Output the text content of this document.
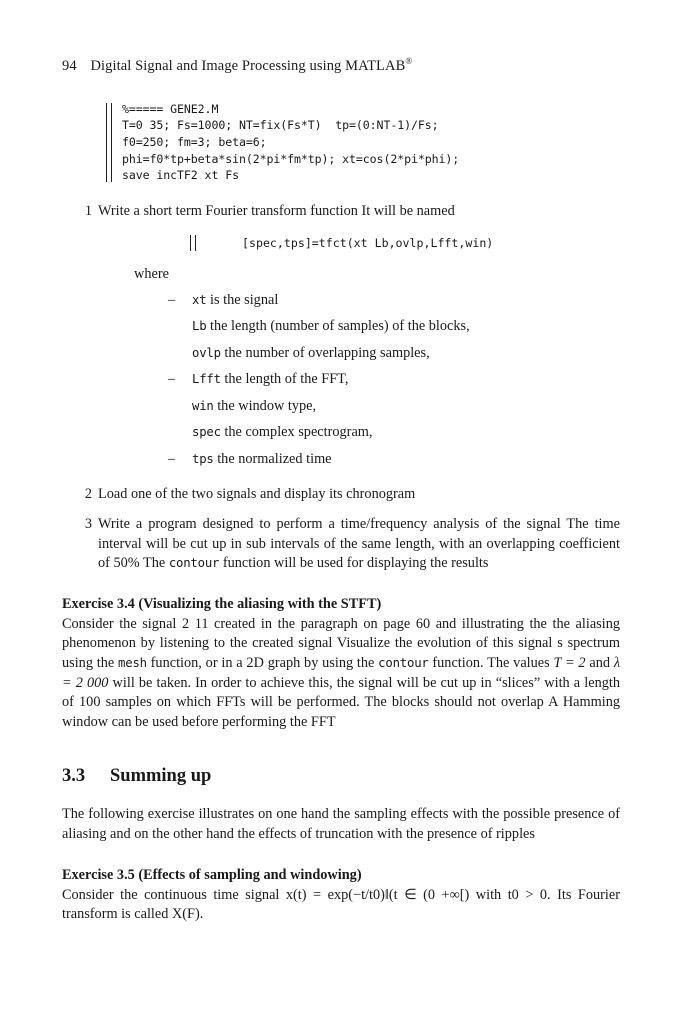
94 Digital Signal and Image Processing using MATLAB®
%===== GENE2.M
T=0 35; Fs=1000; NT=fix(Fs*T)  tp=(0:NT-1)/Fs;
f0=250; fm=3; beta=6;
phi=f0*tp+beta*sin(2*pi*fm*tp); xt=cos(2*pi*phi);
save incTF2 xt Fs
1 Write a short term Fourier transform function It will be named
[spec,tps]=tfct(xt Lb,ovlp,Lfft,win)
where
– xt is the signal
Lb the length (number of samples) of the blocks,
ovlp the number of overlapping samples,
– Lfft the length of the FFT,
win the window type,
spec the complex spectrogram,
– tps the normalized time
2 Load one of the two signals and display its chronogram
3 Write a program designed to perform a time/frequency analysis of the signal The time interval will be cut up in sub intervals of the same length, with an overlapping coefficient of 50% The contour function will be used for displaying the results
Exercise 3.4 (Visualizing the aliasing with the STFT)

Consider the signal 2 11 created in the paragraph on page 60 and illustrating the the aliasing phenomenon by listening to the created signal Visualize the evolution of this signal s spectrum using the mesh function, or in a 2D graph by using the contour function. The values T = 2 and λ = 2 000 will be taken. In order to achieve this, the signal will be cut up in “slices” with a length of 100 samples on which FFTs will be performed. The blocks should not overlap A Hamming window can be used before performing the FFT

3.3 Summing up

The following exercise illustrates on one hand the sampling effects with the possible presence of aliasing and on the other hand the effects of truncation with the presence of ripples

Exercise 3.5 (Effects of sampling and windowing)

Consider the continuous time signal x(t) = exp(−t/t0)ǁ(t ∈ (0 +∞[) with t0 > 0. Its Fourier transform is called X(F).
